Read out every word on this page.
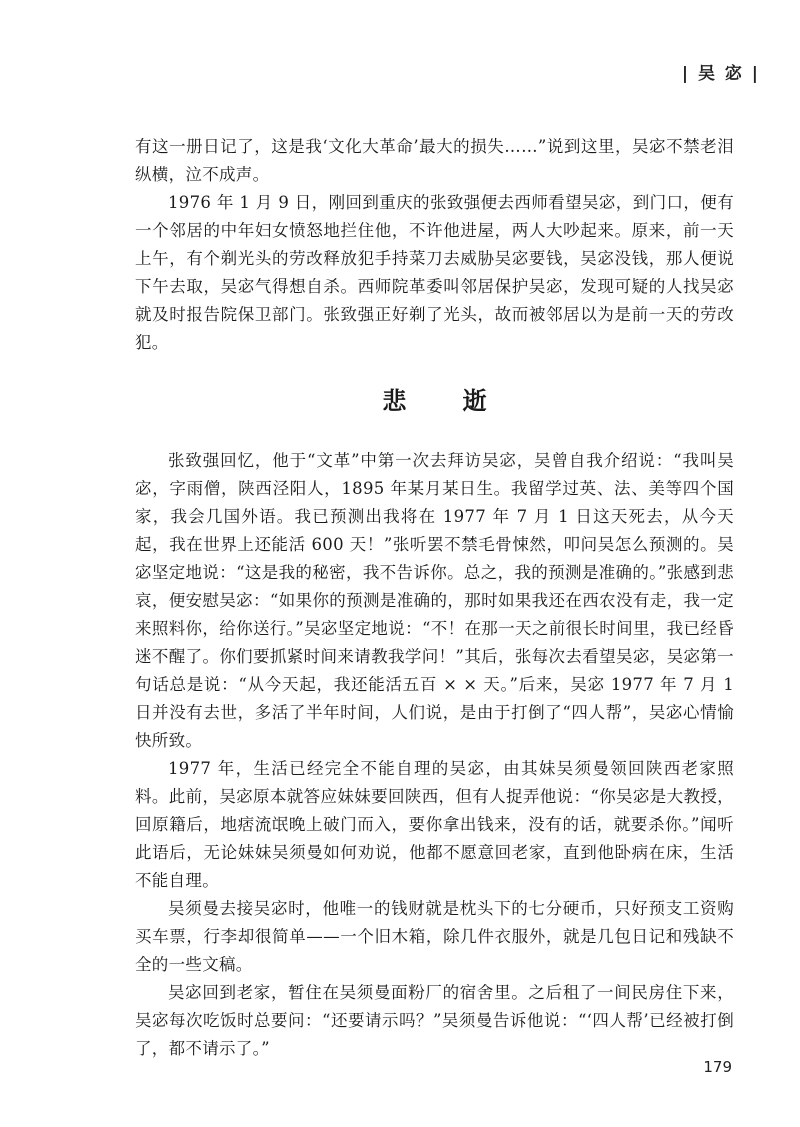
| 吴 宓 |

有这一册日记了，这是我‘文化大革命’最大的损失……”说到这里，吴宓不禁老泪纵横，泣不成声。

1976 年 1 月 9 日，刚回到重庆的张致强便去西师看望吴宓，到门口，便有一个邻居的中年妇女愤怒地拦住他，不许他进屋，两人大吵起来。原来，前一天上午，有个剃光头的劳改释放犯手持菜刀去威胁吴宓要钱，吴宓没钱，那人便说下午去取，吴宓气得想自杀。西师院革委叫邻居保护吴宓，发现可疑的人找吴宓就及时报告院保卫部门。张致强正好剃了光头，故而被邻居以为是前一天的劳改犯。

悲 逝

张致强回忆，他于“文革”中第一次去拜访吴宓，吴曾自我介绍说：“我叫吴宓，字雨僧，陕西泾阳人，1895 年某月某日生。我留学过英、法、美等四个国家，我会几国外语。我已预测出我将在 1977 年 7 月 1 日这天死去，从今天起，我在世界上还能活 600 天！”张听罢不禁毛骨悚然，叩问吴怎么预测的。吴宓坚定地说：“这是我的秘密，我不告诉你。总之，我的预测是准确的。”张感到悲哀，便安慰吴宓：“如果你的预测是准确的，那时如果我还在西农没有走，我一定来照料你，给你送行。”吴宓坚定地说：“不！在那一天之前很长时间里，我已经昏迷不醒了。你们要抓紧时间来请教我学问！”其后，张每次去看望吴宓，吴宓第一句话总是说：“从今天起，我还能活五百 × × 天。”后来，吴宓 1977 年 7 月 1 日并没有去世，多活了半年时间，人们说，是由于打倒了“四人帮”，吴宓心情愉快所致。

1977 年，生活已经完全不能自理的吴宓，由其妹吴须曼领回陕西老家照料。此前，吴宓原本就答应妹妹要回陕西，但有人捉弄他说：“你吴宓是大教授，回原籍后，地痞流氓晚上破门而入，要你拿出钱来，没有的话，就要杀你。”闻听此语后，无论妹妹吴须曼如何劝说，他都不愿意回老家，直到他卧病在床，生活不能自理。

吴须曼去接吴宓时，他唯一的钱财就是枕头下的七分硬币，只好预支工资购买车票，行李却很简单——一个旧木箱，除几件衣服外，就是几包日记和残缺不全的一些文稿。

吴宓回到老家，暂住在吴须曼面粉厂的宿舍里。之后租了一间民房住下来，吴宓每次吃饭时总要问：“还要请示吗？”吴须曼告诉他说：“‘四人帮’已经被打倒了，都不请示了。”

179
